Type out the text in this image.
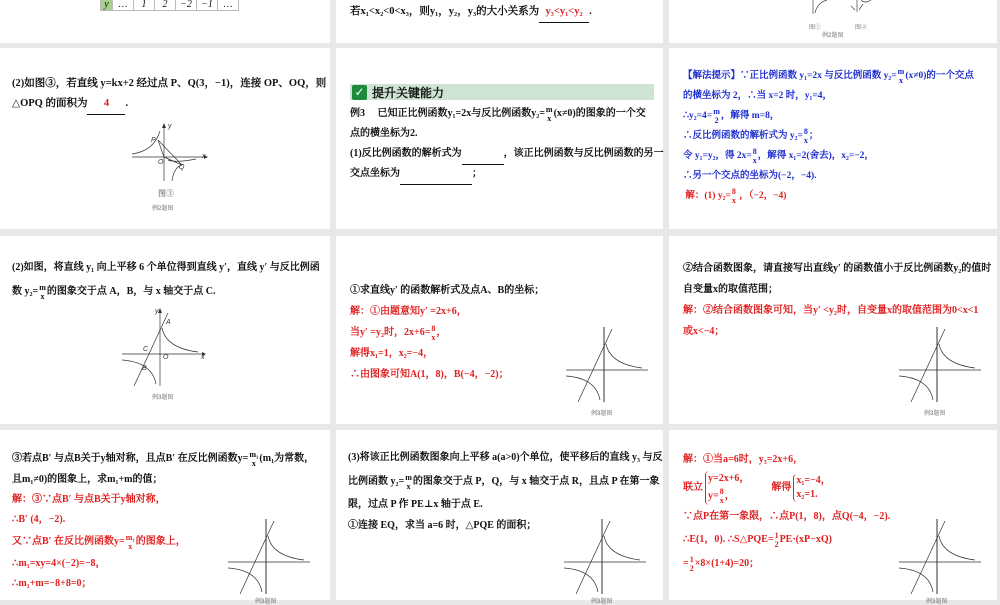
y	…	1	2	−2	−1	…
若x₁<x₂<0<x₃，则y₁，y₂，y₃的大小关系为 y₃<y₁<y₂ .
图①	图②
例2题图
(2)如图③，若直线 y=kx+2 经过点 P、Q(3，−1)，连接 OP、OQ，则
△OPQ 的面积为 4 .
y
P
x
O
Q
图③
例2题图
✓ 提升关键能力
例3 已知正比例函数y₁=2x与反比例函数y₂= m
x (x≠0)的图象的一个交
点的横坐标为2.
(1)反比例函数的解析式为	，该正比例函数与反比例函数的另一
交点坐标为	；
【解法提示】∵正比例函数 y₁=2x 与反比例函数 y₂= m
x (x≠0)的一个交点
的横坐标为 2，∴当 x=2 时，y₁=4，
∴y₂=4= m
2 ，解得 m=8，
∴反比例函数的解析式为 y₂= 8
x ；
令 y₁=y₂，得 2x= 8
x ，解得 x₁=2(舍去)，x₂=−2，
∴另一个交点的坐标为(−2，−4).
解：(1) y₂= 8
x ，（−2，−4)
(2)如图，将直线 y₁ 向上平移 6 个单位得到直线 y′，直线 y′ 与反比例函
数 y₂= m
x 的图象交于点 A，B，与 x 轴交于点 C.
y
A
C
O	x
B
例3题图
①求直线y′ 的函数解析式及点A、B的坐标；
解：①由题意知y′ =2x+6，
当y′ =y₂时，2x+6= 8
x ，
解得x₁=1，x₂=−4，
∴由图象可知A(1，8)，B(−4，−2)；
例3题图
②结合函数图象，请直接写出直线y′ 的函数值小于反比例函数y₂的值时
自变量x的取值范围；
解：②结合函数图象可知，当y′ <y₂时，自变量x的取值范围为0<x<1
或x<−4；
例3题图
③若点B′ 与点B关于y轴对称，且点B′ 在反比例函数y= m₁
x (m₁为常数，
且m₁≠0)的图象上，求m₁+m的值；
解：③∵点B′ 与点B关于y轴对称，
∴B′ (4，−2).
又∵点B′ 在反比例函数y= m₁
x 的图象上，
∴m₁=xy=4×(−2)=−8，
∴m₁+m=−8+8=0；
例3题图
(3)将该正比例函数图象向上平移 a(a>0)个单位，使平移后的直线 y₃ 与反
比例函数 y₂= m
x 的图象交于点 P，Q，与 x 轴交于点 R，且点 P 在第一象
限，过点 P 作 PE⊥x 轴于点 E.
①连接 EQ，求当 a=6 时，△PQE 的面积；
例3题图
解：①当a=6时，y₃=2x+6，
联立
y=2x+6，
y= 8
x ，
解得
x₁=−4，
x₂=1.
∵点P在第一象限，∴点P(1，8)，点Q(−4，−2).
∴E(1，0). ∴S△PQE= 1
2 PE·(xP−xQ)
= 1
2 ×8×(1+4)=20；
例3题图
